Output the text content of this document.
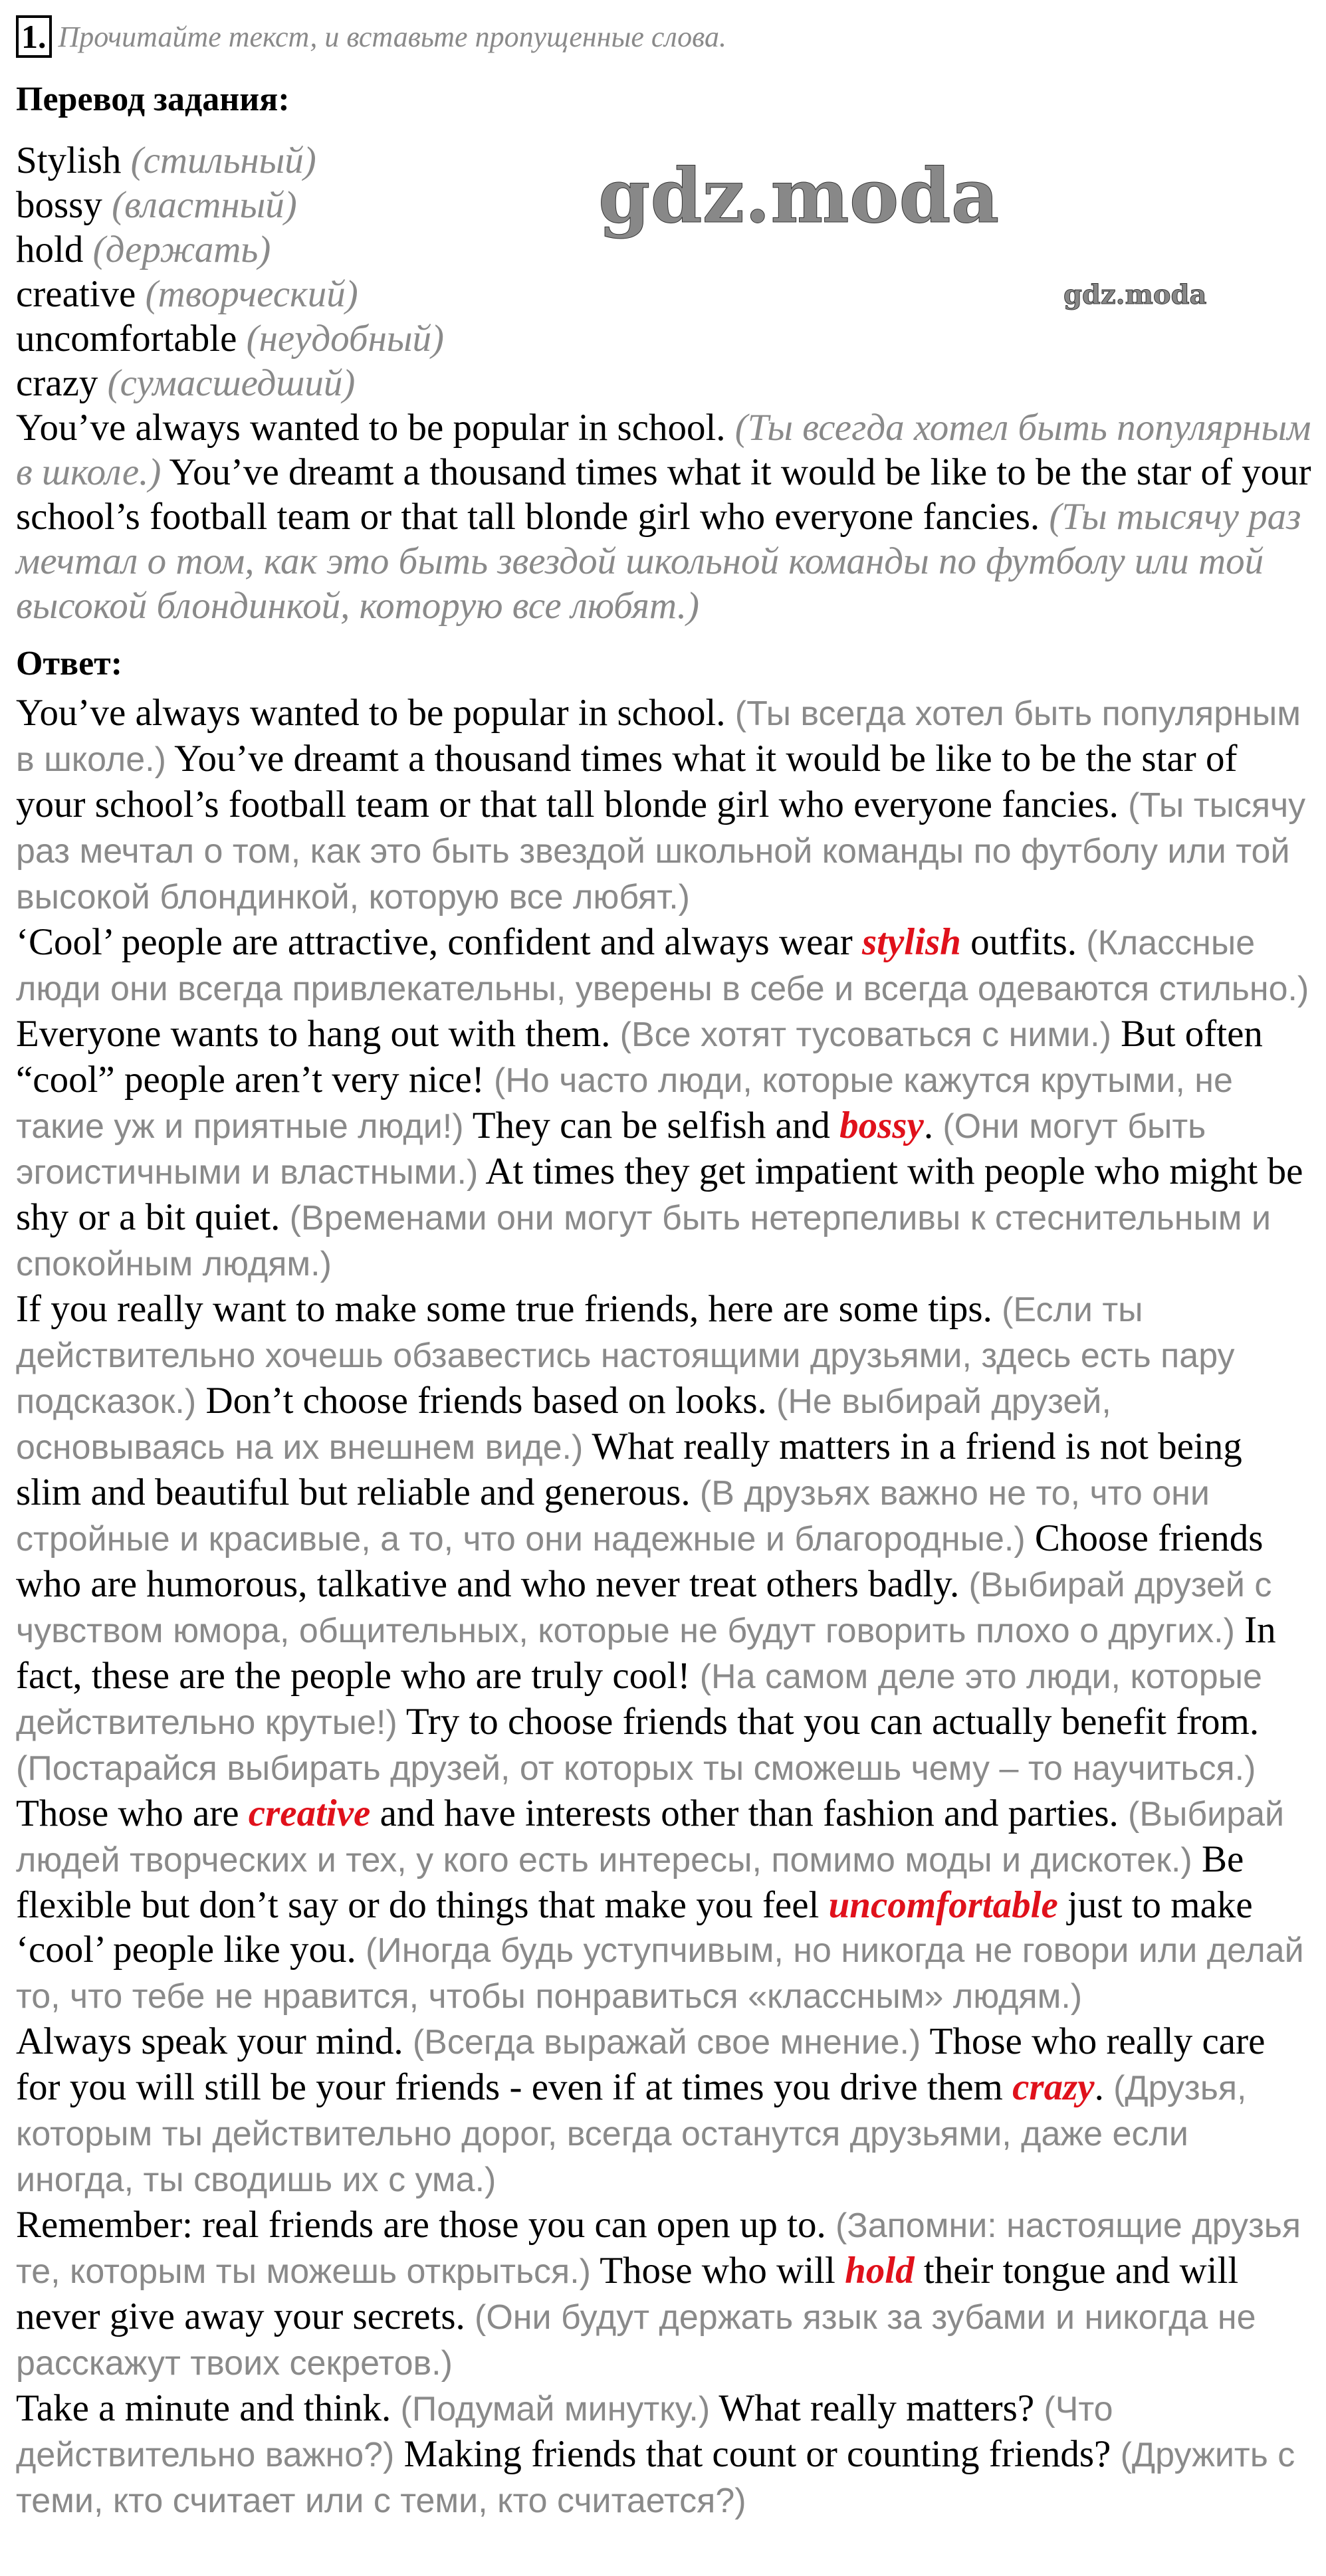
1. Прочитайте текст, и вставьте пропущенные слова.
Перевод задания:
Stylish (стильный)
bossy (властный)
hold (держать)
creative (творческий)
uncomfortable (неудобный)
crazy (сумасшедший)

You’ve always wanted to be popular in school. (Ты всегда хотел быть популярным в школе.) You’ve dreamt a thousand times what it would be like to be the star of your school’s football team or that tall blonde girl who everyone fancies. (Ты тысячу раз мечтал о том, как это быть звездой школьной команды по футболу или той высокой блондинкой, которую все любят.)

Ответ:

You’ve always wanted to be popular in school. (Ты всегда хотел быть популярным в школе.) You’ve dreamt a thousand times what it would be like to be the star of your school’s football team or that tall blonde girl who everyone fancies. (Ты тысячу раз мечтал о том, как это быть звездой школьной команды по футболу или той высокой блондинкой, которую все любят.)

‘Cool’ people are attractive, confident and always wear stylish outfits. (Классные люди они всегда привлекательны, уверены в себе и всегда одеваются стильно.) Everyone wants to hang out with them. (Все хотят тусоваться с ними.) But often “cool” people aren’t very nice! (Но часто люди, которые кажутся крутыми, не такие уж и приятные люди!) They can be selfish and bossy. (Они могут быть эгоистичными и властными.) At times they get impatient with people who might be shy or a bit quiet. (Временами они могут быть нетерпеливы к стеснительным и спокойным людям.)

If you really want to make some true friends, here are some tips. (Если ты действительно хочешь обзавестись настоящими друзьями, здесь есть пару подсказок.) Don’t choose friends based on looks. (Не выбирай друзей, основываясь на их внешнем виде.) What really matters in a friend is not being slim and beautiful but reliable and generous. (В друзьях важно не то, что они стройные и красивые, а то, что они надежные и благородные.) Choose friends who are humorous, talkative and who never treat others badly. (Выбирай друзей с чувством юмора, общительных, которые не будут говорить плохо о других.) In fact, these are the people who are truly cool! (На самом деле это люди, которые действительно крутые!) Try to choose friends that you can actually benefit from. (Постарайся выбирать друзей, от которых ты сможешь чему – то научиться.) Those who are creative and have interests other than fashion and parties. (Выбирай людей творческих и тех, у кого есть интересы, помимо моды и дискотек.) Be flexible but don’t say or do things that make you feel uncomfortable just to make ‘cool’ people like you. (Иногда будь уступчивым, но никогда не говори или делай то, что тебе не нравится, чтобы понравиться «классным» людям.)

Always speak your mind. (Всегда выражай свое мнение.) Those who really care for you will still be your friends - even if at times you drive them crazy. (Друзья, которым ты действительно дорог, всегда останутся друзьями, даже если иногда, ты сводишь их с ума.)

Remember: real friends are those you can open up to. (Запомни: настоящие друзья те, которым ты можешь открыться.) Those who will hold their tongue and will never give away your secrets. (Они будут держать язык за зубами и никогда не расскажут твоих секретов.)

Take a minute and think. (Подумай минутку.) What really matters? (Что действительно важно?) Making friends that count or counting friends? (Дружить с теми, кто считает или с теми, кто считается?)

gdz.moda
gdz.moda
